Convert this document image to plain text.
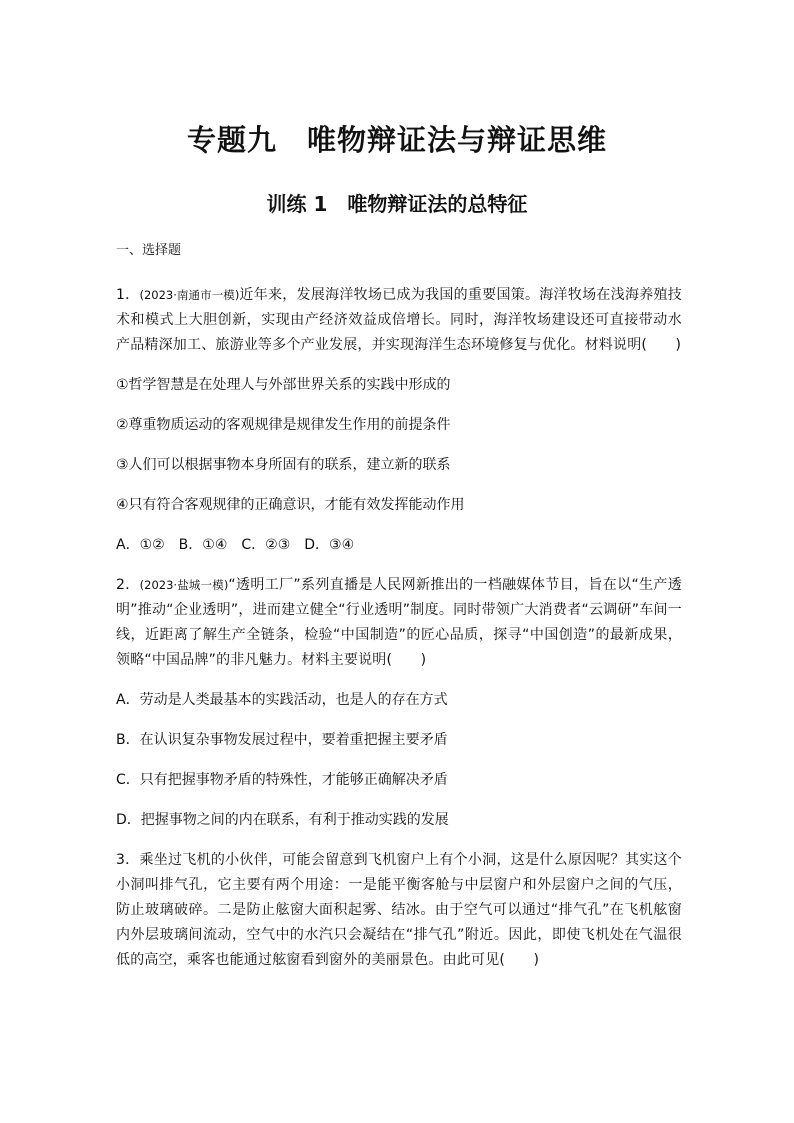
专题九　唯物辩证法与辩证思维
训练 1　唯物辩证法的总特征
一、选择题
1．(2023·南通市一模)近年来，发展海洋牧场已成为我国的重要国策。海洋牧场在浅海养殖技术和模式上大胆创新，实现由产经济效益成倍增长。同时，海洋牧场建设还可直接带动水产品精深加工、旅游业等多个产业发展，并实现海洋生态环境修复与优化。材料说明(　　)
①哲学智慧是在处理人与外部世界关系的实践中形成的
②尊重物质运动的客观规律是规律发生作用的前提条件
③人们可以根据事物本身所固有的联系，建立新的联系
④只有符合客观规律的正确意识，才能有效发挥能动作用
A．①②　B．①④　C．②③　D．③④
2．(2023·盐城一模)“透明工厂”系列直播是人民网新推出的一档融媒体节目，旨在以“生产透明”推动“企业透明”，进而建立健全“行业透明”制度。同时带领广大消费者“云调研”车间一线，近距离了解生产全链条，检验“中国制造”的匠心品质，探寻“中国创造”的最新成果，领略“中国品牌”的非凡魅力。材料主要说明(　　)
A．劳动是人类最基本的实践活动，也是人的存在方式
B．在认识复杂事物发展过程中，要着重把握主要矛盾
C．只有把握事物矛盾的特殊性，才能够正确解决矛盾
D．把握事物之间的内在联系，有利于推动实践的发展
3．乘坐过飞机的小伙伴，可能会留意到飞机窗户上有个小洞，这是什么原因呢？其实这个小洞叫排气孔，它主要有两个用途：一是能平衡客舱与中层窗户和外层窗户之间的气压，防止玻璃破碎。二是防止舷窗大面积起雾、结冰。由于空气可以通过“排气孔”在飞机舷窗内外层玻璃间流动，空气中的水汽只会凝结在“排气孔”附近。因此，即使飞机处在气温很低的高空，乘客也能通过舷窗看到窗外的美丽景色。由此可见(　　)
